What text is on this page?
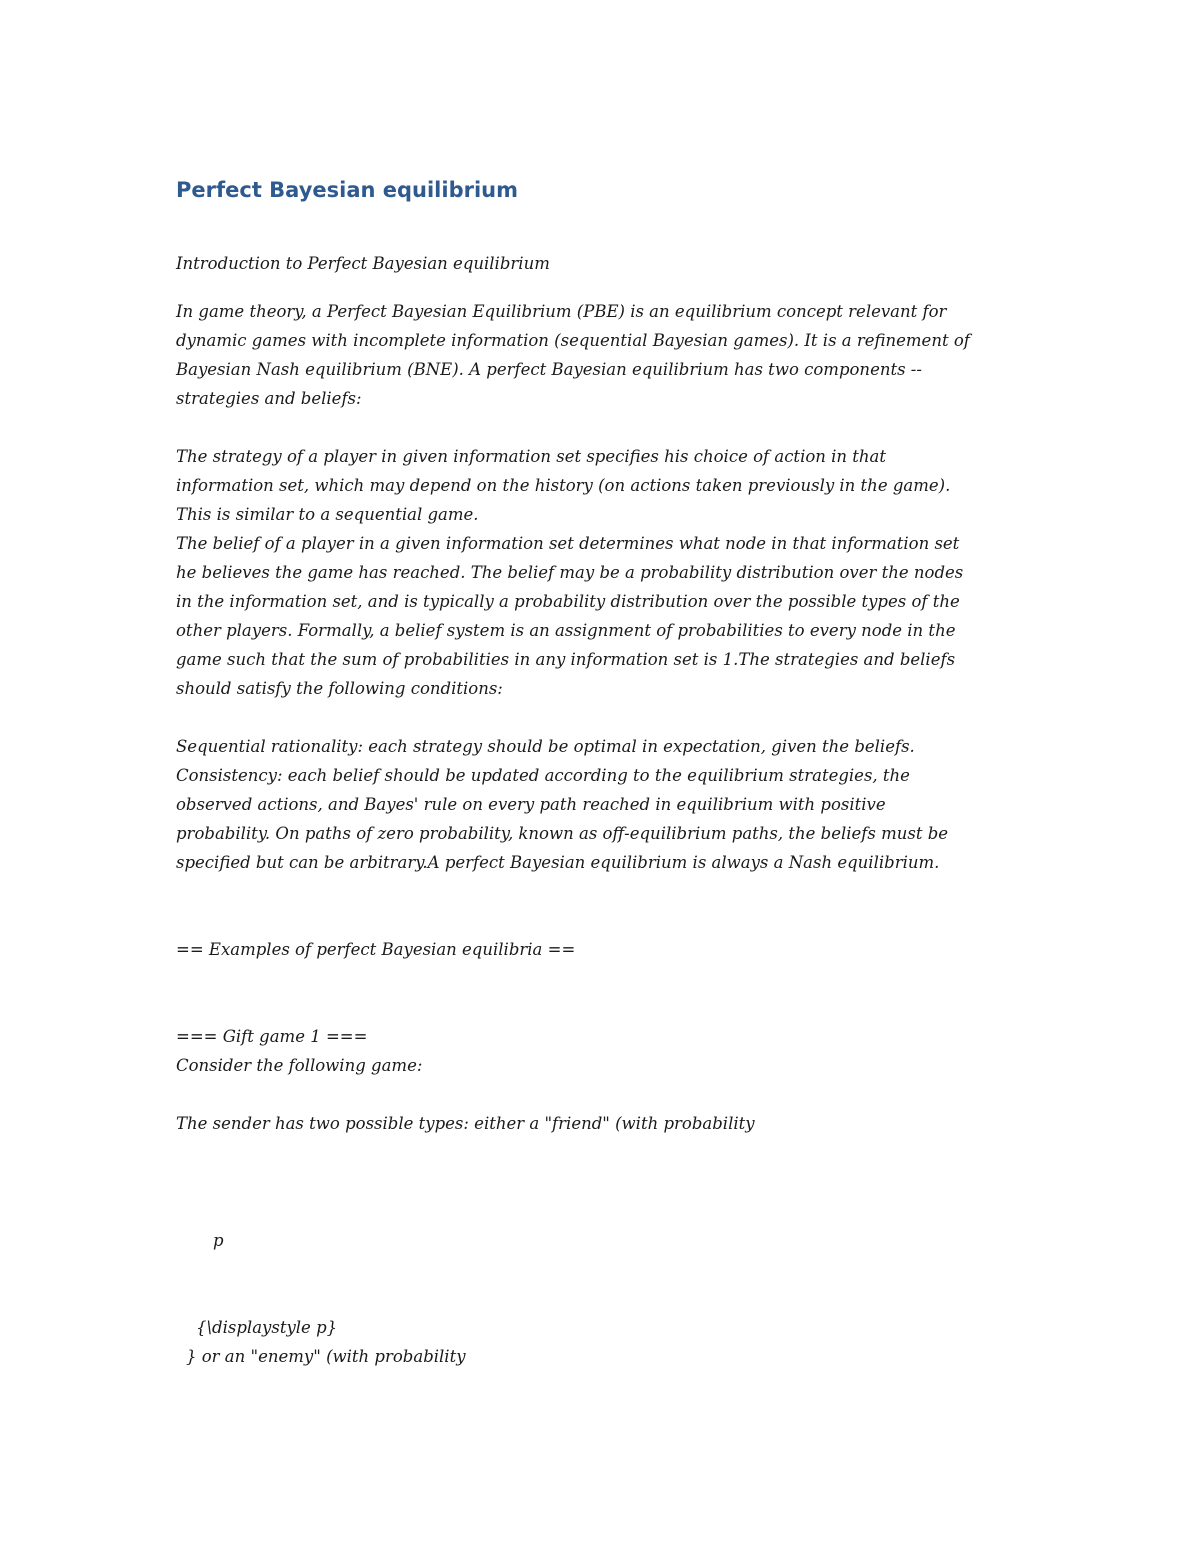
Perfect Bayesian equilibrium

Introduction to Perfect Bayesian equilibrium

In game theory, a Perfect Bayesian Equilibrium (PBE) is an equilibrium concept relevant for

dynamic games with incomplete information (sequential Bayesian games). It is a refinement of

Bayesian Nash equilibrium (BNE). A perfect Bayesian equilibrium has two components --

strategies and beliefs:

The strategy of a player in given information set specifies his choice of action in that

information set, which may depend on the history (on actions taken previously in the game).

This is similar to a sequential game.

The belief of a player in a given information set determines what node in that information set

he believes the game has reached. The belief may be a probability distribution over the nodes

in the information set, and is typically a probability distribution over the possible types of the

other players. Formally, a belief system is an assignment of probabilities to every node in the

game such that the sum of probabilities in any information set is 1.The strategies and beliefs

should satisfy the following conditions:

Sequential rationality: each strategy should be optimal in expectation, given the beliefs.

Consistency: each belief should be updated according to the equilibrium strategies, the

observed actions, and Bayes' rule on every path reached in equilibrium with positive

probability. On paths of zero probability, known as off-equilibrium paths, the beliefs must be

specified but can be arbitrary.A perfect Bayesian equilibrium is always a Nash equilibrium.

== Examples of perfect Bayesian equilibria ==

=== Gift game 1 ===

Consider the following game:

The sender has two possible types: either a "friend" (with probability

p

{\displaystyle p}

} or an "enemy" (with probability
